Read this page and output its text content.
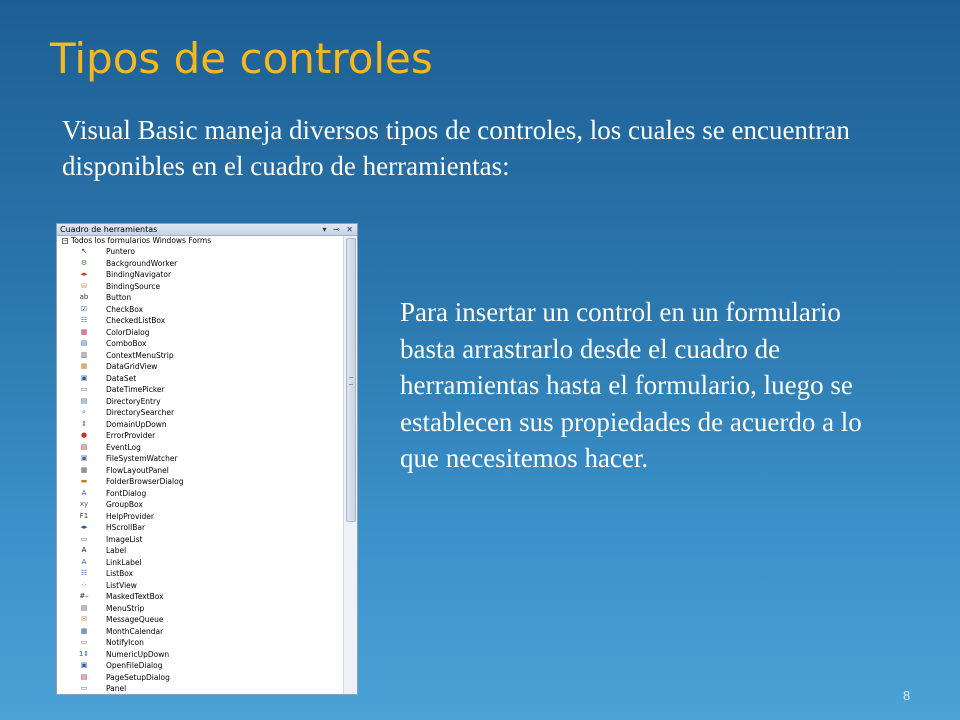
Tipos de controles

Visual Basic maneja diversos tipos de controles, los cuales se encuentran disponibles en el cuadro de herramientas:

Cuadro de herramientas	▾ ⊸ ✕
− Todos los formularios Windows Forms
↖	Puntero
⚙	BackgroundWorker
◂▸	BindingNavigator
⛁	BindingSource
ab	Button
☑	CheckBox
☷	CheckedListBox
▦	ColorDialog
▤	ComboBox
▥	ContextMenuStrip
▦	DataGridView
▣	DataSet
▭	DateTimePicker
▤	DirectoryEntry
⌕	DirectorySearcher
⇕	DomainUpDown
●	ErrorProvider
▤	EventLog
▣	FileSystemWatcher
▦	FlowLayoutPanel
▬	FolderBrowserDialog
A	FontDialog
xy	GroupBox
F1	HelpProvider
◂▸	HScrollBar
▭	ImageList
A	Label
A	LinkLabel
☷	ListBox
⁘	ListView
#–	MaskedTextBox
▤	MenuStrip
✉	MessageQueue
▦	MonthCalendar
▭	NotifyIcon
1⇕ NumericUpDown
▣	OpenFileDialog
▤	PageSetupDialog
▭	Panel

Para insertar un control en un formulario basta arrastrarlo desde el cuadro de herramientas hasta el formulario, luego se establecen sus propiedades de acuerdo a lo que necesitemos hacer.

8
